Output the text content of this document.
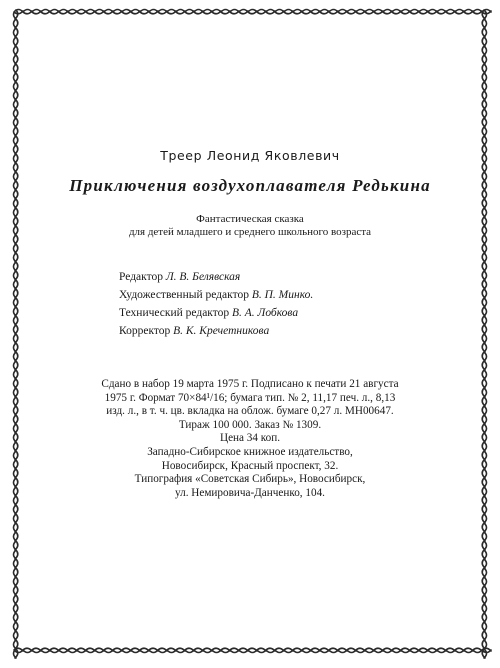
Треер Леонид Яковлевич
Приключения воздухоплавателя Редькина
Фантастическая сказка
для детей младшего и среднего школьного возраста
Редактор Л. В. Белявская
Художественный редактор В. П. Минко.
Технический редактор В. А. Лобкова
Корректор В. К. Кречетникова
Сдано в набор 19 марта 1975 г. Подписано к печати 21 августа
1975 г. Формат 70×84¹/16; бумага тип. № 2, 11,17 печ. л., 8,13
изд. л., в т. ч. цв. вкладка на облож. бумаге 0,27 л. МН00647.
Тираж 100 000. Заказ № 1309.
Цена 34 коп.
Западно-Сибирское книжное издательство,
Новосибирск, Красный проспект, 32.
Типография «Советская Сибирь», Новосибирск,
ул. Немировича-Данченко, 104.
